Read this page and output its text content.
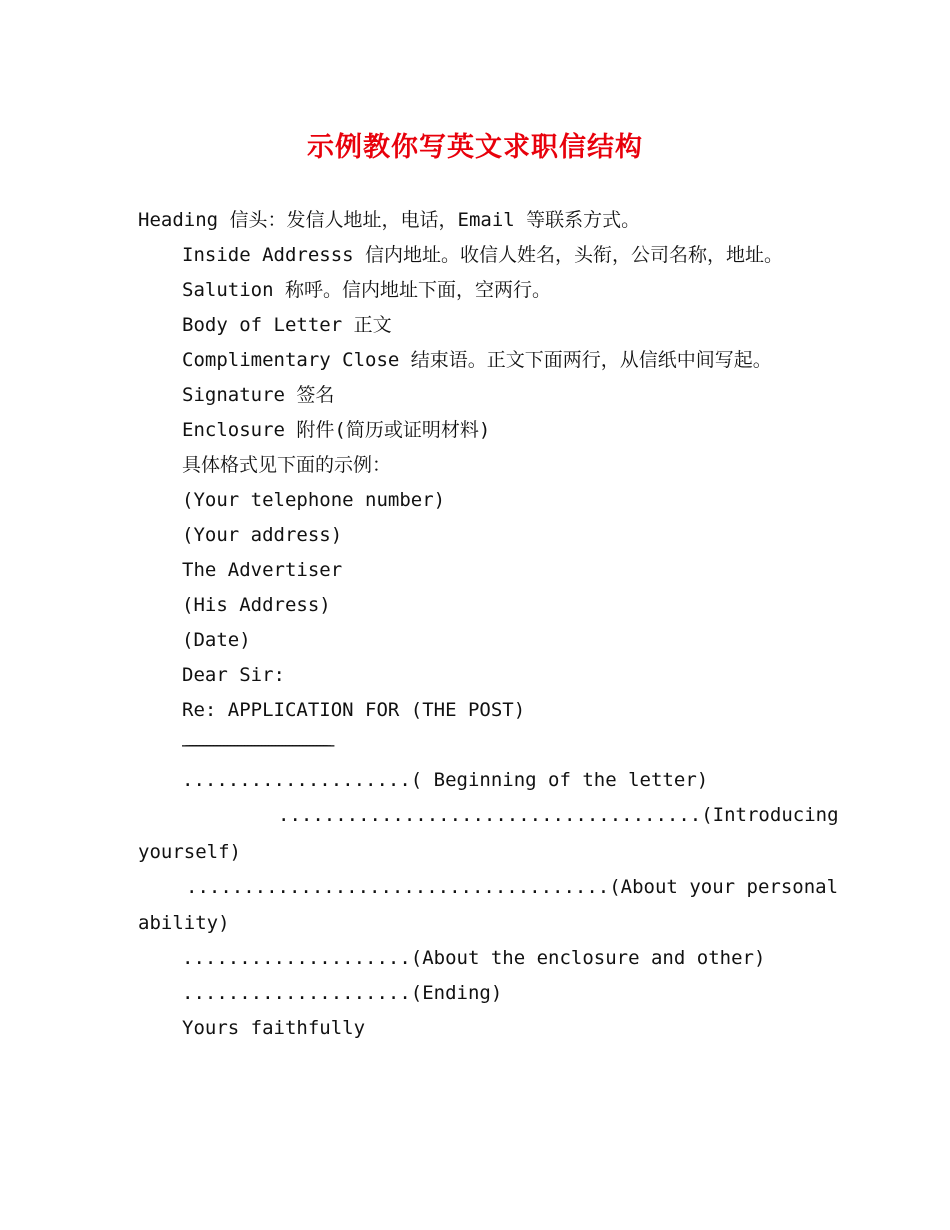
示例教你写英文求职信结构
Heading 信头：发信人地址，电话，Email 等联系方式。
Inside Addresss 信内地址。收信人姓名，头衔，公司名称，地址。
Salution 称呼。信内地址下面，空两行。
Body of Letter 正文
Complimentary Close 结束语。正文下面两行，从信纸中间写起。
Signature 签名
Enclosure 附件(简历或证明材料)
具体格式见下面的示例：
(Your telephone number)
(Your address)
The Advertiser
(His Address)
(Date)
Dear Sir:
Re: APPLICATION FOR (THE POST)
——————————————————————————————————————————
....................( Beginning of the letter)
.....................................(Introducing
yourself)
.....................................(About your personal
ability)
....................(About the enclosure and other)
....................(Ending)
Yours faithfully
